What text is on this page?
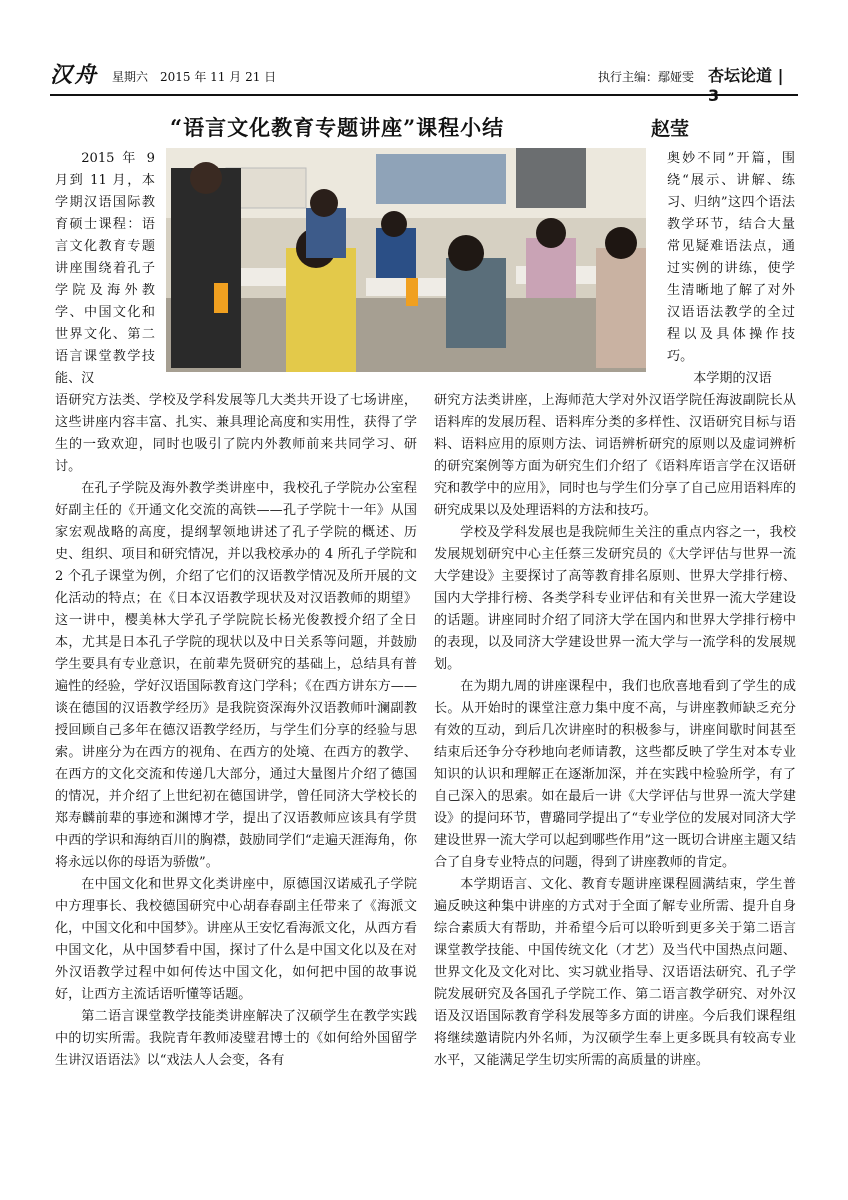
汉舟 星期六　2015 年 11 月 21 日	执行主编：鄢娅雯 杏坛论道 |
“语言文化教育专题讲座”课程小结	赵莹

2015 年 9 月到 11 月，本学期汉语国际教育硕士课程：语言文化教育专题讲座围绕着孔子学院及海外教学、中国文化和世界文化、第二语言课堂教学技能、汉

奥妙不同”开篇，围绕“展示、讲解、练习、归纳”这四个语法教学环节，结合大量常见疑难语法点，通过实例的讲练，使学生清晰地了解了对外汉语语法教学的全过程以及具体操作技巧。

本学期的汉语

语研究方法类、学校及学科发展等几大类共开设了七场讲座，这些讲座内容丰富、扎实、兼具理论高度和实用性，获得了学生的一致欢迎，同时也吸引了院内外教师前来共同学习、研讨。

在孔子学院及海外教学类讲座中，我校孔子学院办公室程好副主任的《开通文化交流的高铁——孔子学院十一年》从国家宏观战略的高度，提纲挈领地讲述了孔子学院的概述、历史、组织、项目和研究情况，并以我校承办的 4 所孔子学院和 2 个孔子课堂为例，介绍了它们的汉语教学情况及所开展的文化活动的特点；在《日本汉语教学现状及对汉语教师的期望》这一讲中，樱美林大学孔子学院院长杨光俊教授介绍了全日本，尤其是日本孔子学院的现状以及中日关系等问题，并鼓励学生要具有专业意识，在前辈先贤研究的基础上，总结具有普遍性的经验，学好汉语国际教育这门学科；《在西方讲东方——谈在德国的汉语教学经历》是我院资深海外汉语教师叶澜副教授回顾自己多年在德汉语教学经历，与学生们分享的经验与思索。讲座分为在西方的视角、在西方的处境、在西方的教学、在西方的文化交流和传递几大部分，通过大量图片介绍了德国的情况，并介绍了上世纪初在德国讲学，曾任同济大学校长的郑寿麟前辈的事迹和渊博才学，提出了汉语教师应该具有学贯中西的学识和海纳百川的胸襟，鼓励同学们“走遍天涯海角，你将永远以你的母语为骄傲”。

在中国文化和世界文化类讲座中，原德国汉诺威孔子学院中方理事长、我校德国研究中心胡春春副主任带来了《海派文化，中国文化和中国梦》。讲座从王安忆看海派文化，从西方看中国文化，从中国梦看中国，探讨了什么是中国文化以及在对外汉语教学过程中如何传达中国文化，如何把中国的故事说好，让西方主流话语听懂等话题。

第二语言课堂教学技能类讲座解决了汉硕学生在教学实践中的切实所需。我院青年教师凌璧君博士的《如何给外国留学生讲汉语语法》以“戏法人人会变，各有

研究方法类讲座，上海师范大学对外汉语学院任海波副院长从语料库的发展历程、语料库分类的多样性、汉语研究目标与语料、语料应用的原则方法、词语辨析研究的原则以及虚词辨析的研究案例等方面为研究生们介绍了《语料库语言学在汉语研究和教学中的应用》，同时也与学生们分享了自己应用语料库的研究成果以及处理语料的方法和技巧。

学校及学科发展也是我院师生关注的重点内容之一，我校发展规划研究中心主任蔡三发研究员的《大学评估与世界一流大学建设》主要探讨了高等教育排名原则、世界大学排行榜、国内大学排行榜、各类学科专业评估和有关世界一流大学建设的话题。讲座同时介绍了同济大学在国内和世界大学排行榜中的表现，以及同济大学建设世界一流大学与一流学科的发展规划。

在为期九周的讲座课程中，我们也欣喜地看到了学生的成长。从开始时的课堂注意力集中度不高，与讲座教师缺乏充分有效的互动，到后几次讲座时的积极参与，讲座间歇时间甚至结束后还争分夺秒地向老师请教，这些都反映了学生对本专业知识的认识和理解正在逐渐加深，并在实践中检验所学，有了自己深入的思索。如在最后一讲《大学评估与世界一流大学建设》的提问环节，曹璐同学提出了“专业学位的发展对同济大学建设世界一流大学可以起到哪些作用”这一既切合讲座主题又结合了自身专业特点的问题，得到了讲座教师的肯定。

本学期语言、文化、教育专题讲座课程圆满结束，学生普遍反映这种集中讲座的方式对于全面了解专业所需、提升自身综合素质大有帮助，并希望今后可以聆听到更多关于第二语言课堂教学技能、中国传统文化（才艺）及当代中国热点问题、世界文化及文化对比、实习就业指导、汉语语法研究、孔子学院发展研究及各国孔子学院工作、第二语言教学研究、对外汉语及汉语国际教育学科发展等多方面的讲座。今后我们课程组将继续邀请院内外名师，为汉硕学生奉上更多既具有较高专业水平，又能满足学生切实所需的高质量的讲座。
